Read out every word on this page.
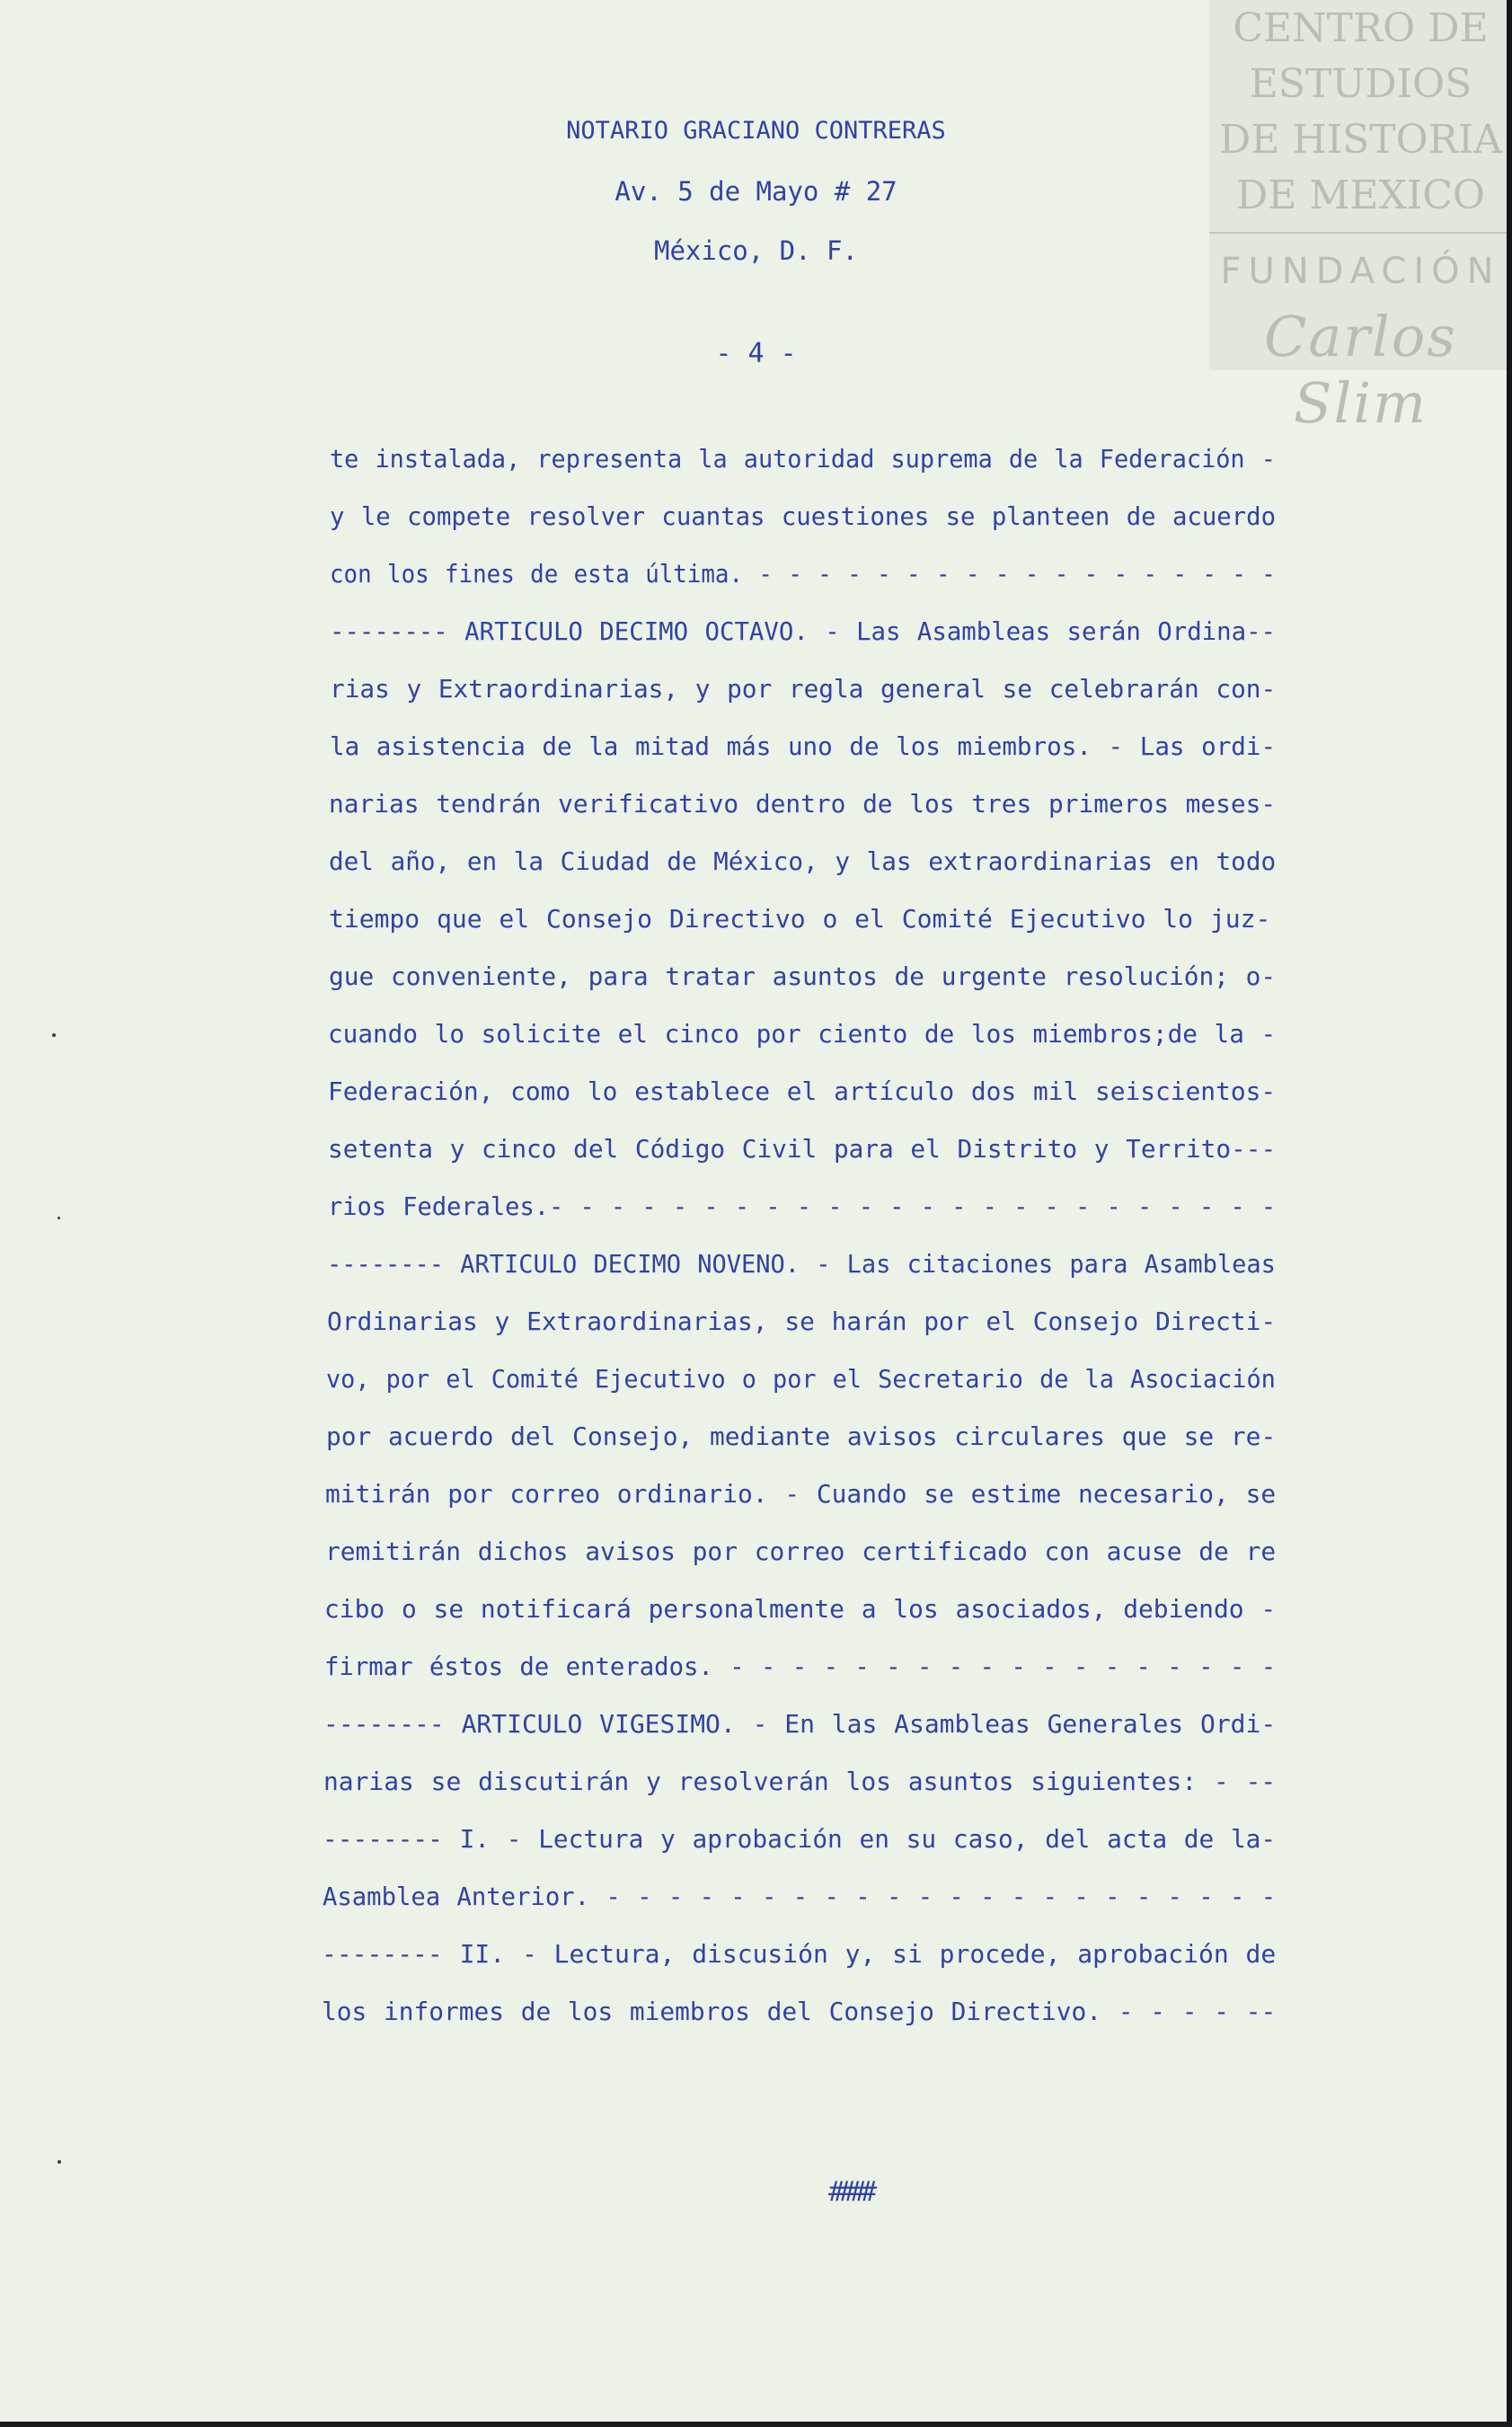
CENTRO DE
ESTUDIOS
DE HISTORIA
DE MEXICO
FUNDACIÓN
Carlos Slim
NOTARIO GRACIANO CONTRERAS
Av. 5 de Mayo # 27
México, D. F.
- 4 -
te instalada, representa la autoridad suprema de la Federación -
y le compete resolver cuantas cuestiones se planteen de acuerdo
con los fines de esta última. - - - - - - - - - - - - - - - - - -
-------- ARTICULO DECIMO OCTAVO. - Las Asambleas serán Ordina--
rias y Extraordinarias, y por regla general se celebrarán con-
la asistencia de la mitad más uno de los miembros. - Las ordi-
narias tendrán verificativo dentro de los tres primeros meses-
del año, en la Ciudad de México, y las extraordinarias en todo
tiempo que el Consejo Directivo o el Comité Ejecutivo lo juz-
gue conveniente, para tratar asuntos de urgente resolución; o-
cuando lo solicite el cinco por ciento de los miembros;de la -
Federación, como lo establece el artículo dos mil seiscientos-
setenta y cinco del Código Civil para el Distrito y Territo---
rios Federales.- - - - - - - - - - - - - - - - - - - - - - - -
-------- ARTICULO DECIMO NOVENO. - Las citaciones para Asambleas
Ordinarias y Extraordinarias, se harán por el Consejo Directi-
vo, por el Comité Ejecutivo o por el Secretario de la Asociación
por acuerdo del Consejo, mediante avisos circulares que se re-
mitirán por correo ordinario. - Cuando se estime necesario, se
remitirán dichos avisos por correo certificado con acuse de re
cibo o se notificará personalmente a los asociados, debiendo -
firmar éstos de enterados. - - - - - - - - - - - - - - - - - -
-------- ARTICULO VIGESIMO. - En las Asambleas Generales Ordi-
narias se discutirán y resolverán los asuntos siguientes: - --
-------- I. - Lectura y aprobación en su caso, del acta de la-
Asamblea Anterior. - - - - - - - - - - - - - - - - - - - - - -
-------- II. - Lectura, discusión y, si procede, aprobación de
los informes de los miembros del Consejo Directivo. - - - - --
####
